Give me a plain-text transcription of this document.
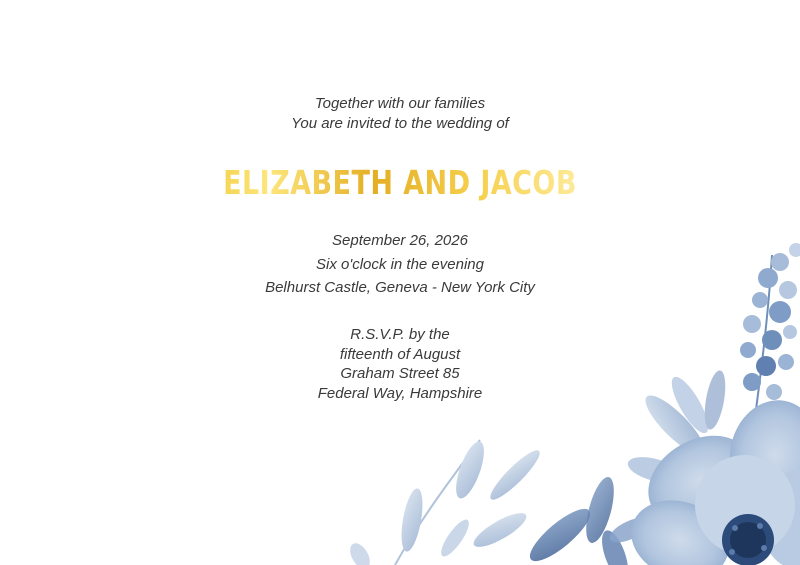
Together with our families
You are invited to the wedding of
ELIZABETH AND JACOB
September 26, 2026
Six o'clock in the evening
Belhurst Castle, Geneva - New York City
R.S.V.P. by the
fifteenth of August
Graham Street 85
Federal Way, Hampshire
